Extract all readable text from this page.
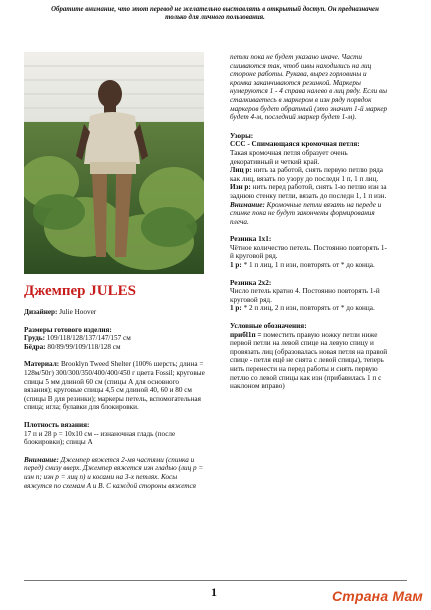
Обратите внимание, что этот перевод не желательно выставлять в открытый доступ. Он предназначен только для личного пользования.
Джемпер JULES

Дизайнер: Julie Hoover

Размеры готового изделия:
Грудь: 109/118/128/137/147/157 см
Бёдра: 80/89/99/109/118/128 см

Материал: Brooklyn Tweed Shelter (100% шерсть; длина = 128м/50г) 300/300/350/400/400/450 г цвета Fossil; круговые спицы 5 мм длиной 60 см (спицы А для основного вязания); круговые спицы 4,5 см длиной 40, 60 и 80 см (спицы В для резинки); маркеры петель, вспомогательная спица; игла; булавки для блокировки.

Плотность вязания:
17 п и 28 р = 10х10 см -- изнаночная гладь (после блокировки); спицы А

Внимание: Джемпер вяжется 2-мя частями (спинка и перед) снизу вверх. Джемпер вяжется изн гладью (лиц р = изн п; изн р = лиц п) и косами на 3-х петлях. Косы вяжутся по схемам А и В. С каждой стороны вяжется

петли пока не будет указано иначе. Части сшиваются так, чтоб швы находились на лиц стороне работы. Рукава, вырез горловины и кромка заканчиваются резинкой. Маркеры нумеруются 1 - 4 справа налево в лиц ряду. Если вы сталкиваетесь в маркером в изн ряду порядок маркеров будет обратный (это значит 1-й маркер будет 4-м, последний маркер будет 1-м).

Узоры:
ССС - Спимающаяся кромочная петля:
Такая кромочная петля образует очень декоративный и четкий край.
Лиц р: нить за работой, снять первую петлю ряда как лиц, вязать по узору до последн 1 п, 1 п лиц.
Изн р: нить перед работой, снять 1-ю петлю изн за заднюю стенку петли, вязать до последн 1, 1 п изн.
Внимание: Кромочные петли вязать на переде и спинке пока не будут закончены формирования плеча.

Резинка 1х1:
Чётное количество петель. Постоянно повторять 1-й круговой ряд.
1 р: * 1 п лиц, 1 п изн, повторять от * до конца.

Резинка 2х2:
Число петель кратно 4. Постоянно повторять 1-й круговой ряд.
1 р: * 2 п лиц, 2 п изн, повторять от * до конца.

Условные обозначения:
прибl1п = поместить правую ножку петли ниже первой петли на левой спице на левую спицу и провязать лиц (образовалась новая петля на правой спице - петля ещё не снята с левой спицы), теперь нить перенести на перед работы и снять первую петлю со левой спицы как изн (прибавилась 1 п с наклоном вправо)

1	Страна Мам
